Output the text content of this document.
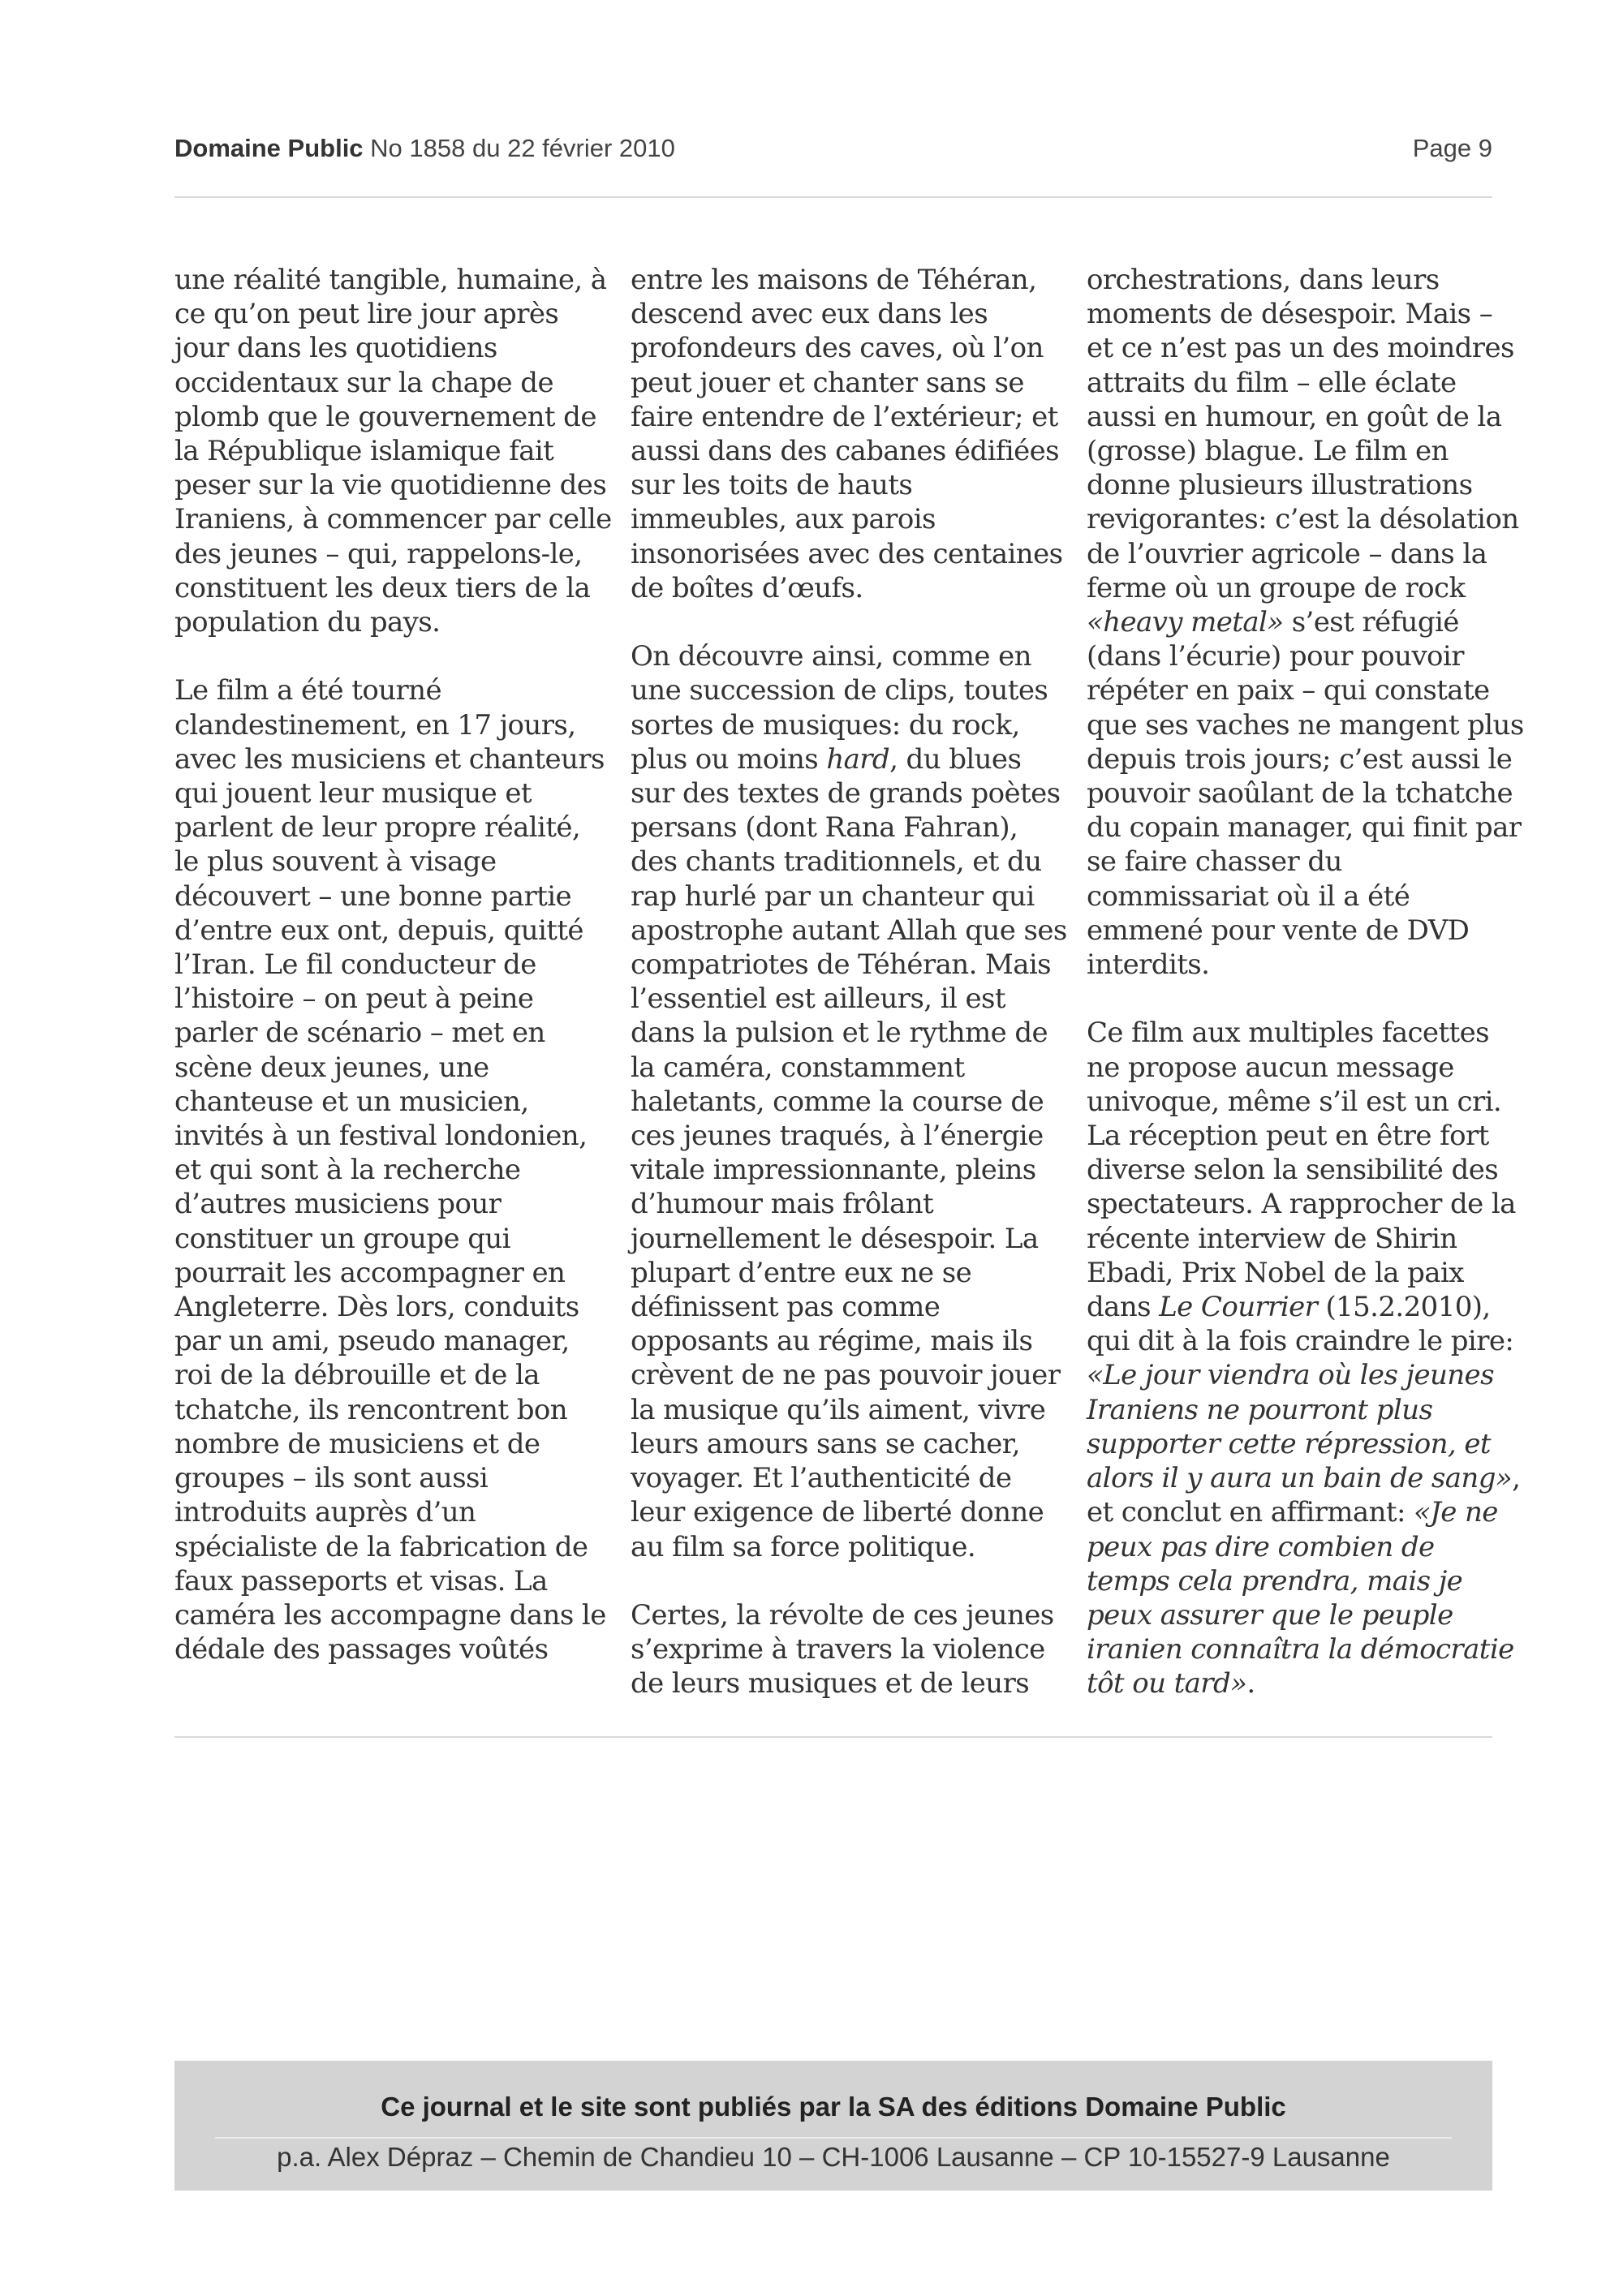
Domaine Public No 1858 du 22 février 2010	Page 9

une réalité tangible, humaine, à ce qu’on peut lire jour après jour dans les quotidiens occidentaux sur la chape de plomb que le gouvernement de la République islamique fait peser sur la vie quotidienne des Iraniens, à commencer par celle des jeunes – qui, rappelons-le, constituent les deux tiers de la population du pays.

Le film a été tourné clandestinement, en 17 jours, avec les musiciens et chanteurs qui jouent leur musique et parlent de leur propre réalité, le plus souvent à visage découvert – une bonne partie d’entre eux ont, depuis, quitté l’Iran. Le fil conducteur de l’histoire – on peut à peine parler de scénario – met en scène deux jeunes, une chanteuse et un musicien, invités à un festival londonien, et qui sont à la recherche d’autres musiciens pour constituer un groupe qui pourrait les accompagner en Angleterre. Dès lors, conduits par un ami, pseudo manager, roi de la débrouille et de la tchatche, ils rencontrent bon nombre de musiciens et de groupes – ils sont aussi introduits auprès d’un spécialiste de la fabrication de faux passeports et visas. La caméra les accompagne dans le dédale des passages voûtés

entre les maisons de Téhéran, descend avec eux dans les profondeurs des caves, où l’on peut jouer et chanter sans se faire entendre de l’extérieur; et aussi dans des cabanes édifiées sur les toits de hauts immeubles, aux parois insonorisées avec des centaines de boîtes d’œufs.

On découvre ainsi, comme en une succession de clips, toutes sortes de musiques: du rock, plus ou moins hard, du blues sur des textes de grands poètes persans (dont Rana Fahran), des chants traditionnels, et du rap hurlé par un chanteur qui apostrophe autant Allah que ses compatriotes de Téhéran. Mais l’essentiel est ailleurs, il est dans la pulsion et le rythme de la caméra, constamment haletants, comme la course de ces jeunes traqués, à l’énergie vitale impressionnante, pleins d’humour mais frôlant journellement le désespoir. La plupart d’entre eux ne se définissent pas comme opposants au régime, mais ils crèvent de ne pas pouvoir jouer la musique qu’ils aiment, vivre leurs amours sans se cacher, voyager. Et l’authenticité de leur exigence de liberté donne au film sa force politique.

Certes, la révolte de ces jeunes s’exprime à travers la violence de leurs musiques et de leurs

orchestrations, dans leurs moments de désespoir. Mais – et ce n’est pas un des moindres attraits du film – elle éclate aussi en humour, en goût de la (grosse) blague. Le film en donne plusieurs illustrations revigorantes: c’est la désolation de l’ouvrier agricole – dans la ferme où un groupe de rock «heavy metal» s’est réfugié (dans l’écurie) pour pouvoir répéter en paix – qui constate que ses vaches ne mangent plus depuis trois jours; c’est aussi le pouvoir saoûlant de la tchatche du copain manager, qui finit par se faire chasser du commissariat où il a été emmené pour vente de DVD interdits.

Ce film aux multiples facettes ne propose aucun message univoque, même s’il est un cri. La réception peut en être fort diverse selon la sensibilité des spectateurs. A rapprocher de la récente interview de Shirin Ebadi, Prix Nobel de la paix dans Le Courrier (15.2.2010), qui dit à la fois craindre le pire: «Le jour viendra où les jeunes Iraniens ne pourront plus supporter cette répression, et alors il y aura un bain de sang», et conclut en affirmant: «Je ne peux pas dire combien de temps cela prendra, mais je peux assurer que le peuple iranien connaîtra la démocratie tôt ou tard».

Ce journal et le site sont publiés par la SA des éditions Domaine Public
p.a. Alex Dépraz – Chemin de Chandieu 10 – CH-1006 Lausanne – CP 10-15527-9 Lausanne
